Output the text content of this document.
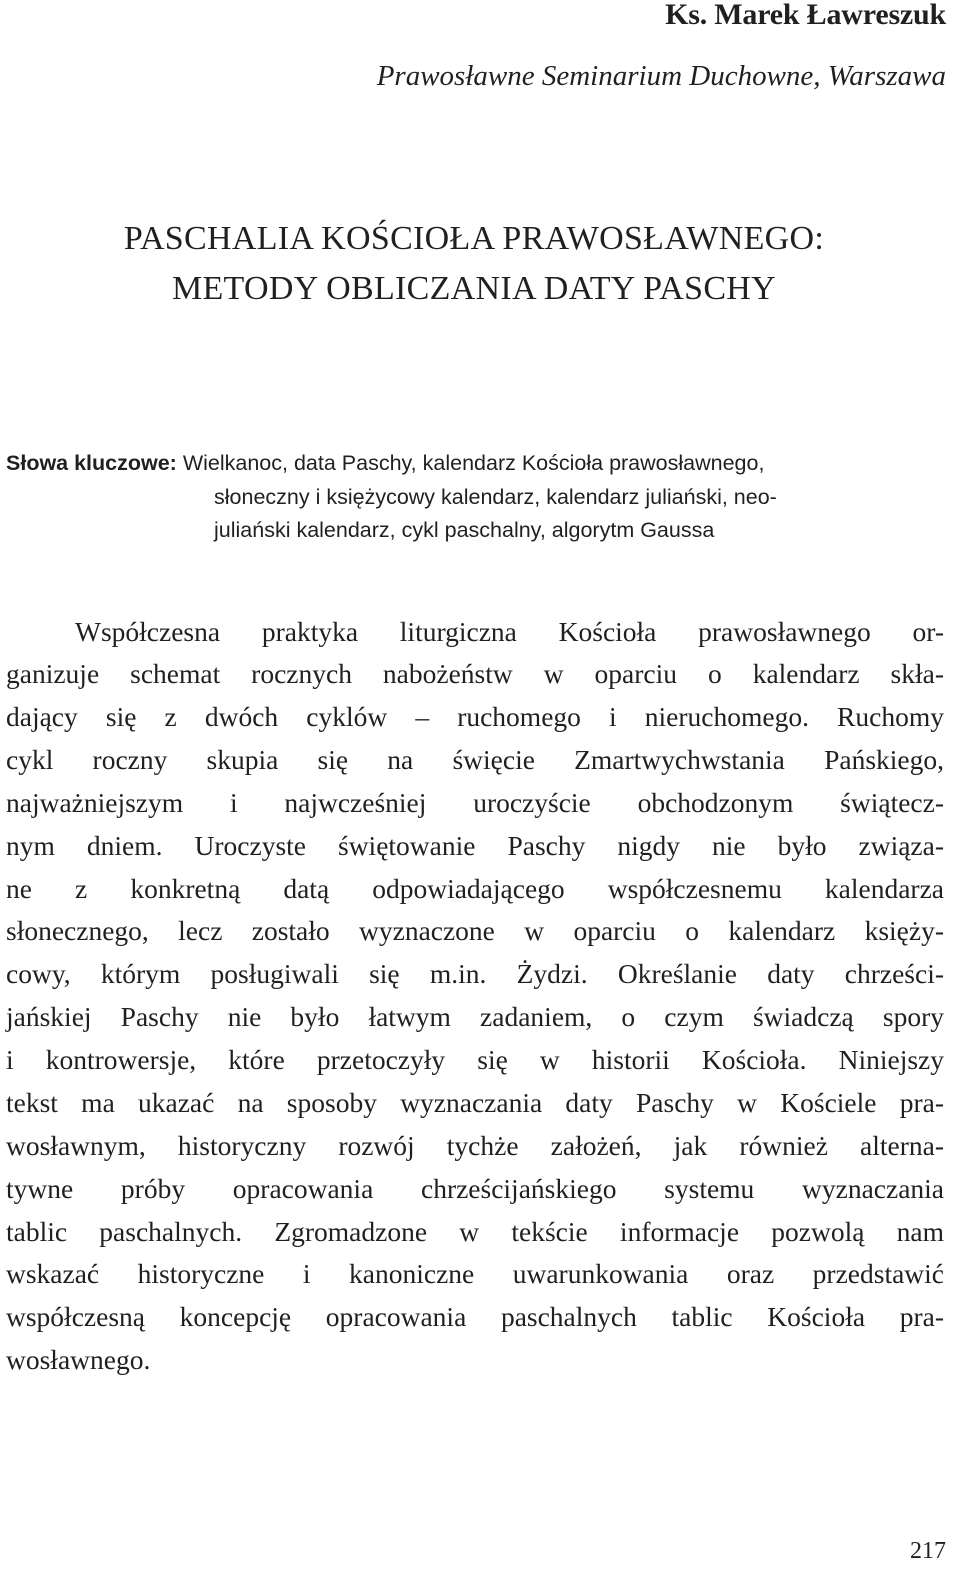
Ks. Marek Ławreszuk
Prawosławne Seminarium Duchowne, Warszawa
PASCHALIA KOŚCIOŁA PRAWOSŁAWNEGO:
METODY OBLICZANIA DATY PASCHY
Słowa kluczowe: Wielkanoc, data Paschy, kalendarz Kościoła prawosławnego,
słoneczny i księżycowy kalendarz, kalendarz juliański, neo-
juliański kalendarz, cykl paschalny, algorytm Gaussa
Współczesna praktyka liturgiczna Kościoła prawosławnego or-
ganizuje schemat rocznych nabożeństw w oparciu o kalendarz skła-
dający się z dwóch cyklów – ruchomego i nieruchomego. Ruchomy
cykl roczny skupia się na święcie Zmartwychwstania Pańskiego,
najważniejszym i najwcześniej uroczyście obchodzonym świątecz-
nym dniem. Uroczyste świętowanie Paschy nigdy nie było związa-
ne z konkretną datą odpowiadającego współczesnemu kalendarza
słonecznego, lecz zostało wyznaczone w oparciu o kalendarz księży-
cowy, którym posługiwali się m.in. Żydzi. Określanie daty chrześci-
jańskiej Paschy nie było łatwym zadaniem, o czym świadczą spory
i kontrowersje, które przetoczyły się w historii Kościoła. Niniejszy
tekst ma ukazać na sposoby wyznaczania daty Paschy w Kościele pra-
wosławnym, historyczny rozwój tychże założeń, jak również alterna-
tywne próby opracowania chrześcijańskiego systemu wyznaczania
tablic paschalnych. Zgromadzone w tekście informacje pozwolą nam
wskazać historyczne i kanoniczne uwarunkowania oraz przedstawić
współczesną koncepcję opracowania paschalnych tablic Kościoła pra-
wosławnego.
217
